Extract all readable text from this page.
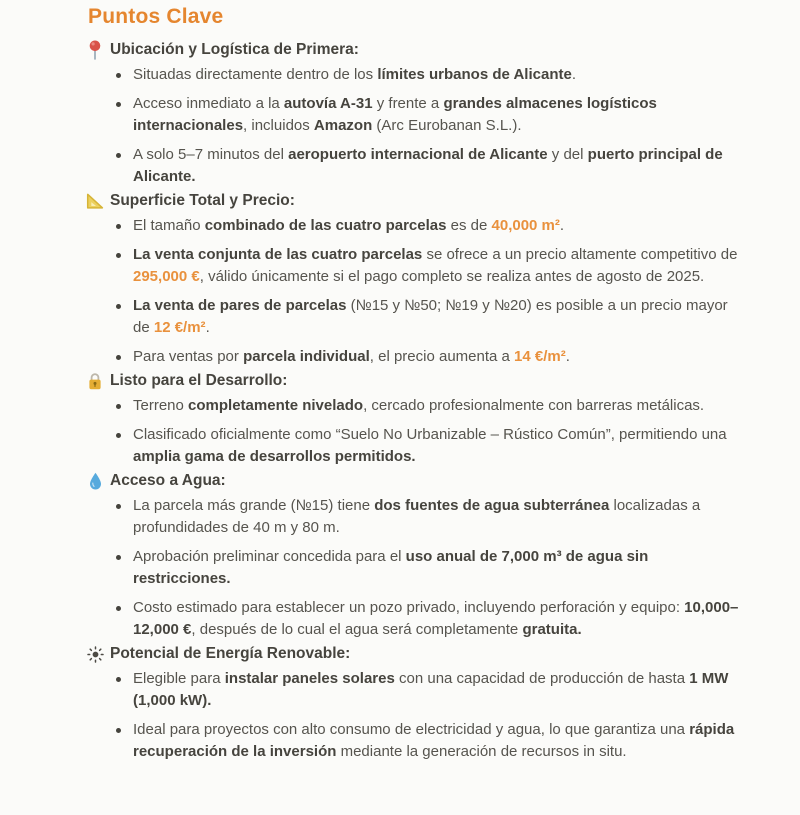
Puntos Clave
Ubicación y Logística de Primera:
Situadas directamente dentro de los límites urbanos de Alicante.
Acceso inmediato a la autovía A-31 y frente a grandes almacenes logísticos internacionales, incluidos Amazon (Arc Eurobanan S.L.).
A solo 5–7 minutos del aeropuerto internacional de Alicante y del puerto principal de Alicante.
Superficie Total y Precio:
El tamaño combinado de las cuatro parcelas es de 40,000 m².
La venta conjunta de las cuatro parcelas se ofrece a un precio altamente competitivo de 295,000 €, válido únicamente si el pago completo se realiza antes de agosto de 2025.
La venta de pares de parcelas (№15 y №50; №19 y №20) es posible a un precio mayor de 12 €/m².
Para ventas por parcela individual, el precio aumenta a 14 €/m².
Listo para el Desarrollo:
Terreno completamente nivelado, cercado profesionalmente con barreras metálicas.
Clasificado oficialmente como “Suelo No Urbanizable – Rústico Común”, permitiendo una amplia gama de desarrollos permitidos.
Acceso a Agua:
La parcela más grande (№15) tiene dos fuentes de agua subterránea localizadas a profundidades de 40 m y 80 m.
Aprobación preliminar concedida para el uso anual de 7,000 m³ de agua sin restricciones.
Costo estimado para establecer un pozo privado, incluyendo perforación y equipo: 10,000–12,000 €, después de lo cual el agua será completamente gratuita.
Potencial de Energía Renovable:
Elegible para instalar paneles solares con una capacidad de producción de hasta 1 MW (1,000 kW).
Ideal para proyectos con alto consumo de electricidad y agua, lo que garantiza una rápida recuperación de la inversión mediante la generación de recursos in situ.
